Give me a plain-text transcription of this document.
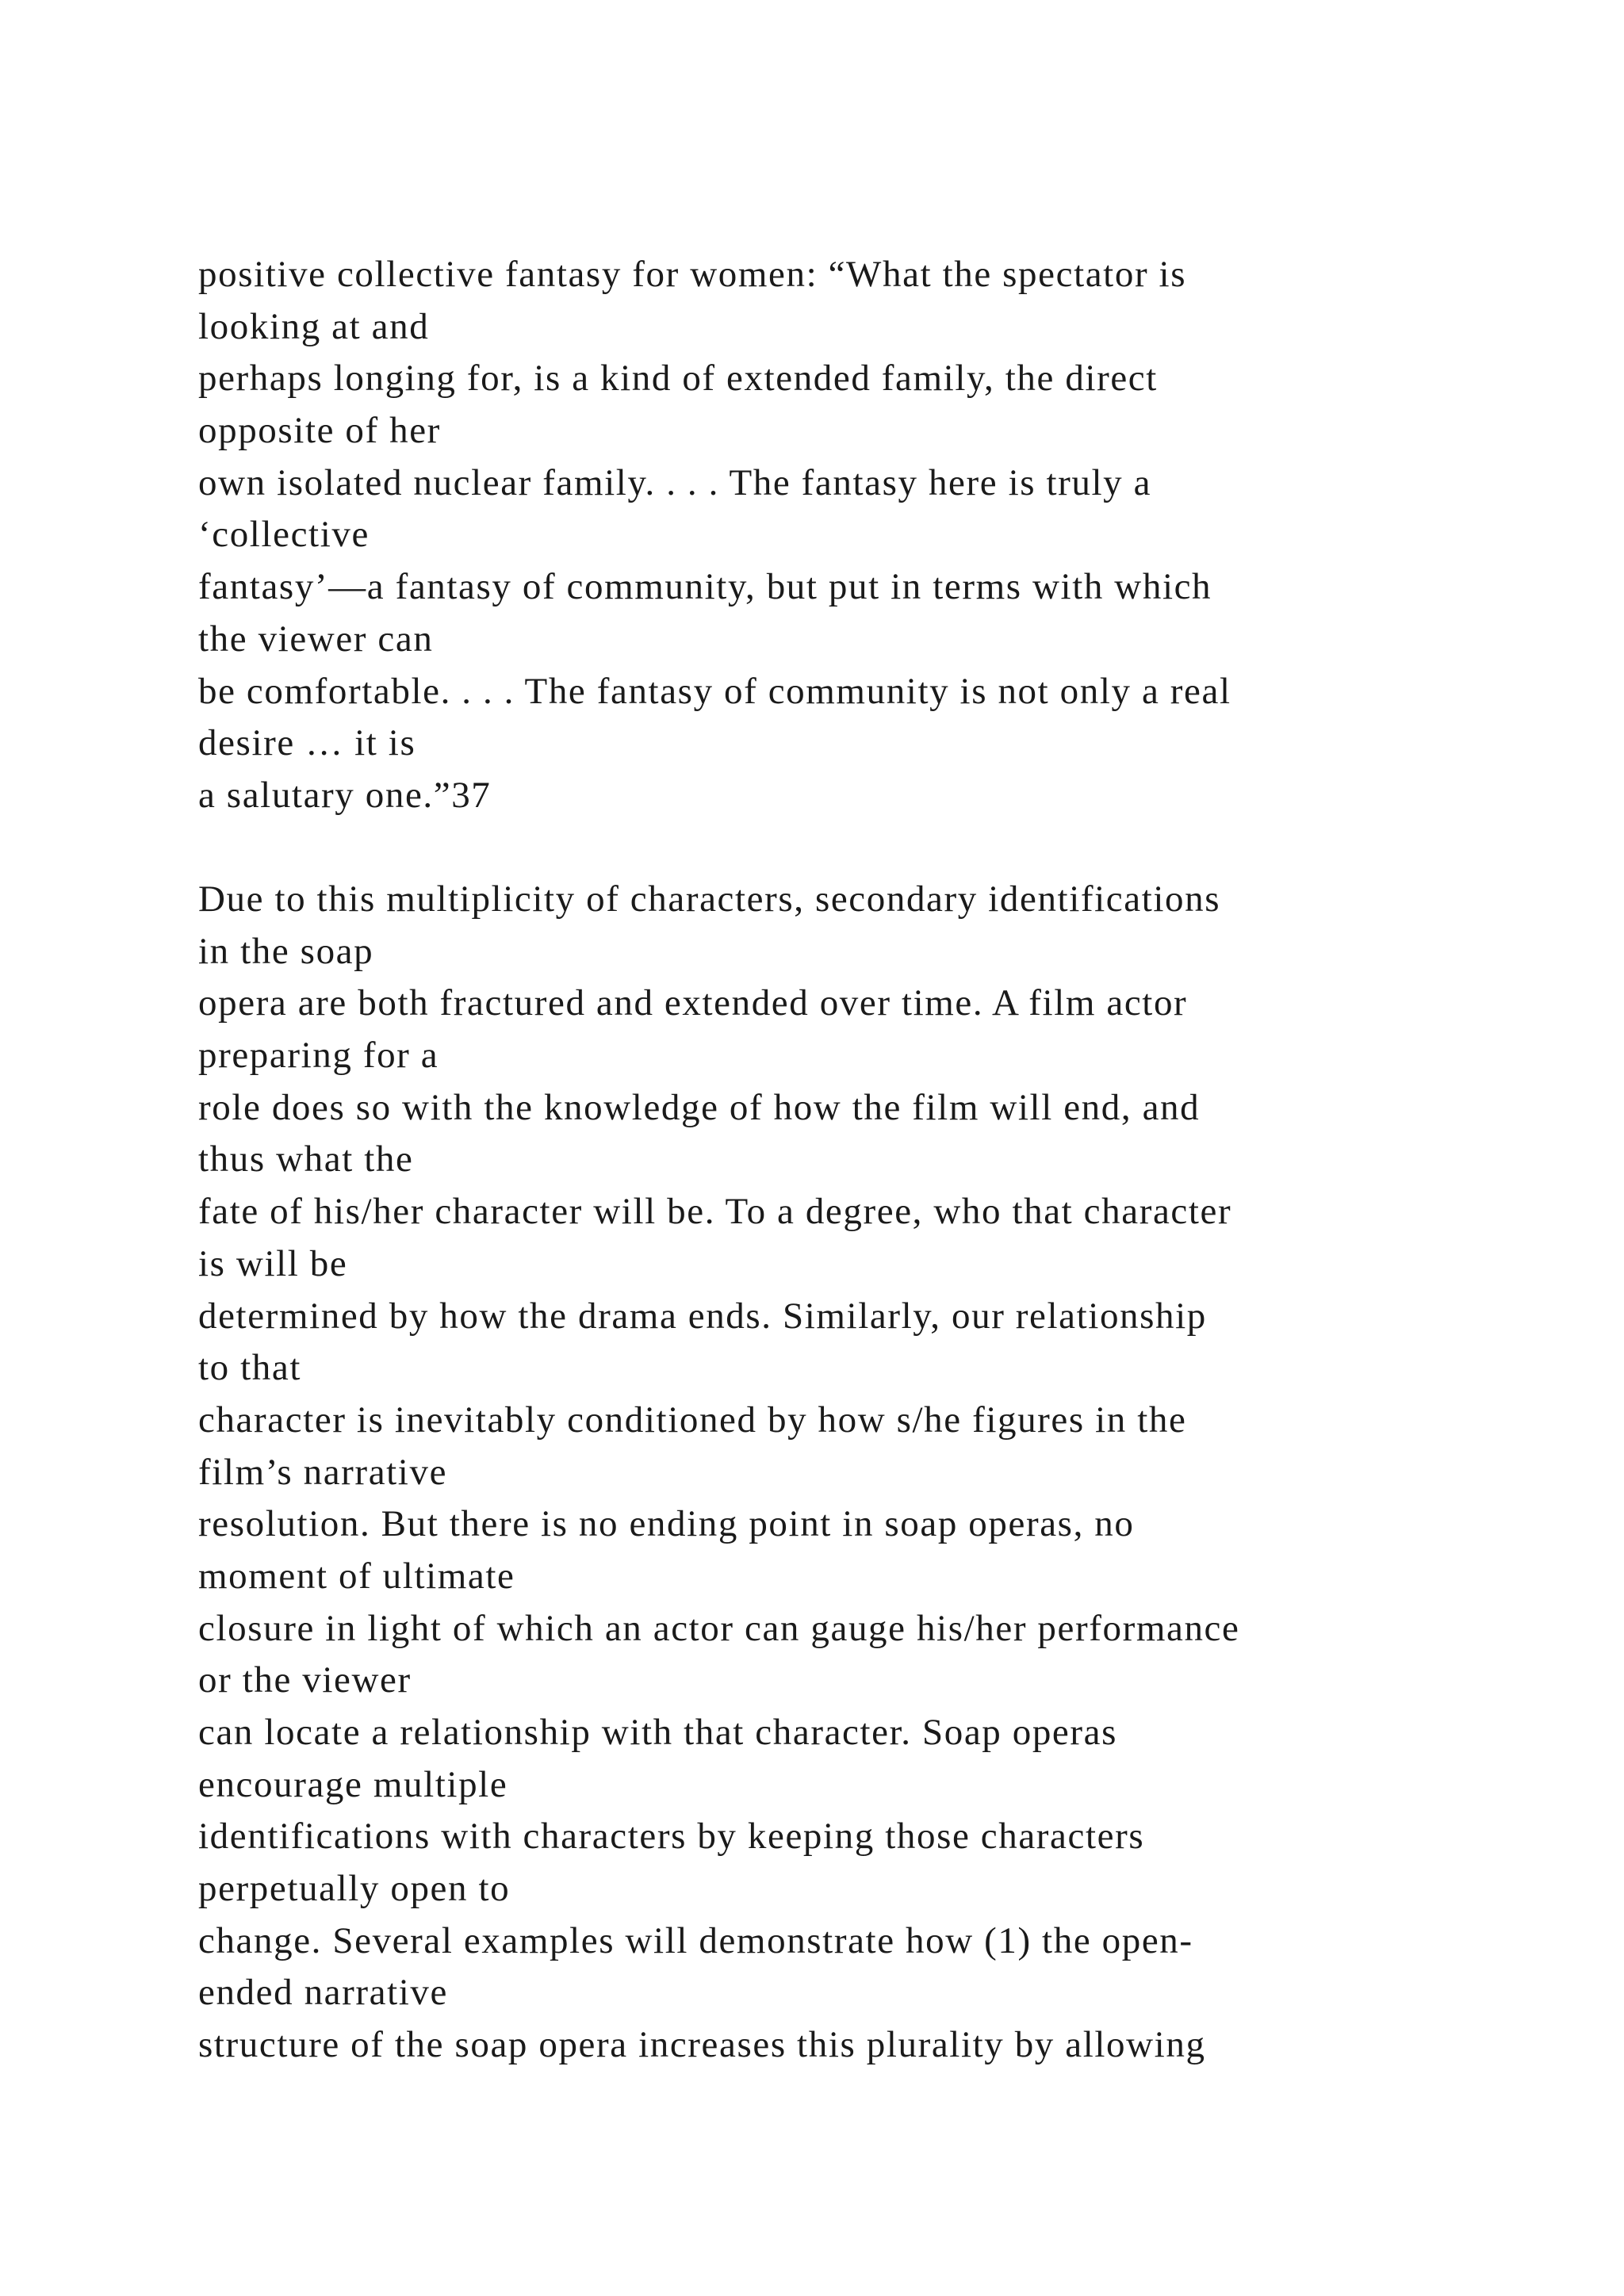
positive collective fantasy for women: “What the spectator is
looking at and
perhaps longing for, is a kind of extended family, the direct
opposite of her
own isolated nuclear family. . . . The fantasy here is truly a
‘collective
fantasy’—a fantasy of community, but put in terms with which
the viewer can
be comfortable. . . . The fantasy of community is not only a real
desire … it is
a salutary one.”37
Due to this multiplicity of characters, secondary identifications
in the soap
opera are both fractured and extended over time. A film actor
preparing for a
role does so with the knowledge of how the film will end, and
thus what the
fate of his/her character will be. To a degree, who that character
is will be
determined by how the drama ends. Similarly, our relationship
to that
character is inevitably conditioned by how s/he figures in the
film’s narrative
resolution. But there is no ending point in soap operas, no
moment of ultimate
closure in light of which an actor can gauge his/her performance
or the viewer
can locate a relationship with that character. Soap operas
encourage multiple
identifications with characters by keeping those characters
perpetually open to
change. Several examples will demonstrate how (1) the open-
ended narrative
structure of the soap opera increases this plurality by allowing
